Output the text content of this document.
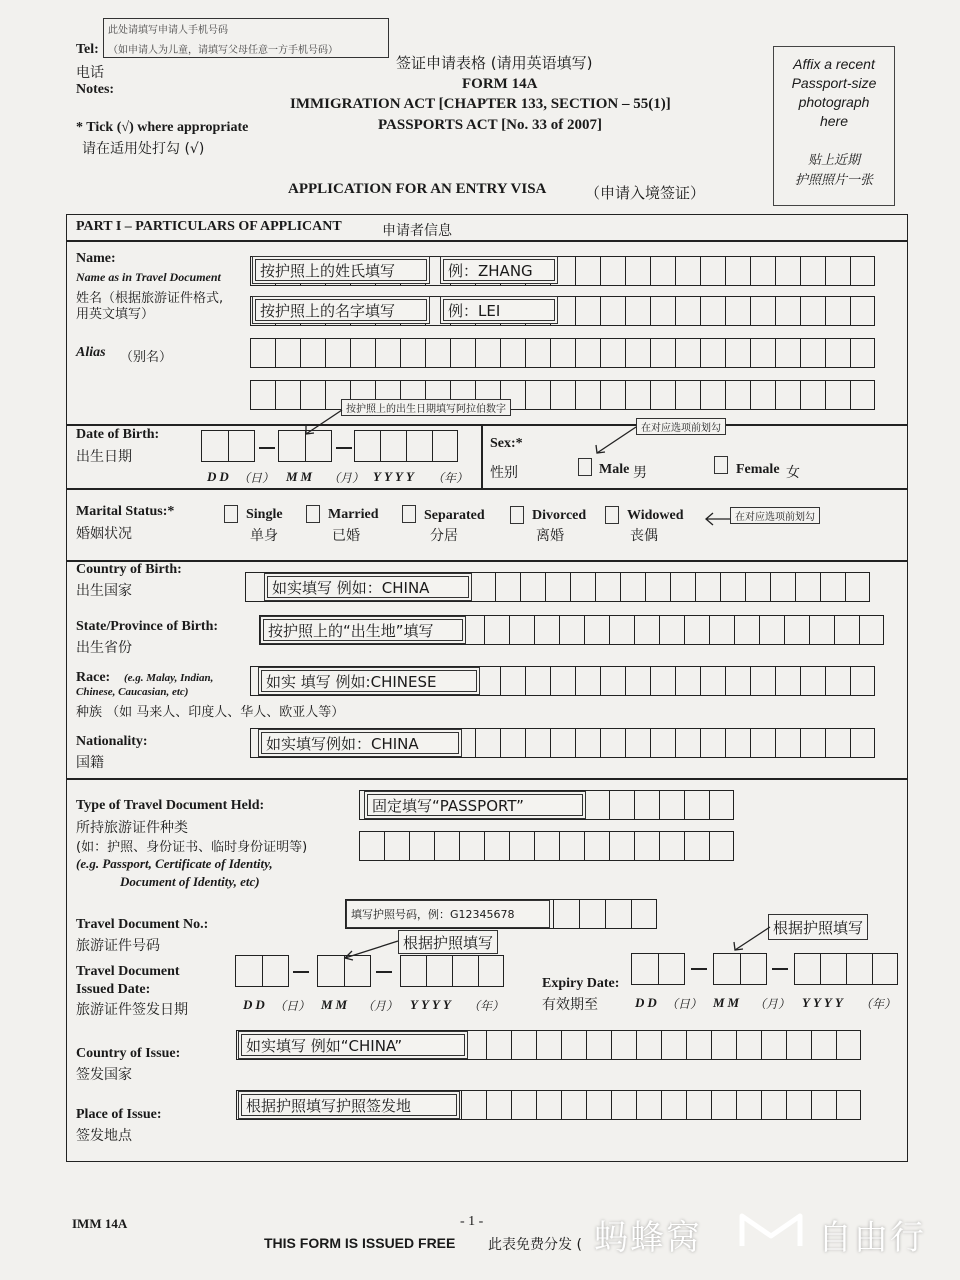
Tel:
电话
Notes:
此处请填写申请人手机号码
（如申请人为儿童，请填写父母任意一方手机号码）
* Tick (√) where appropriate
请在适用处打勾 (√)
签证申请表格 (请用英语填写)
FORM 14A
IMMIGRATION ACT [CHAPTER 133, SECTION – 55(1)]
PASSPORTS ACT [No. 33 of 2007]
Affix a recent
Passport-size
photograph
here
贴上近期
护照照片一张
APPLICATION FOR AN ENTRY VISA	（申请入境签证）
PART I – PARTICULARS OF APPLICANT	申请者信息
Name:
Name as in Travel Document
姓名（根据旅游证件格式,
用英文填写）
按护照上的姓氏填写	例：ZHANG
按护照上的名字填写	例：LEI
Alias （别名）
Date of Birth:
出生日期
按护照上的出生日期填写阿拉伯数字
DD （日） MM （月） YYYY （年）
Sex:*
性别
在对应选项前划勾
Male 男	Female 女
Marital Status:*
婚姻状况
Single
单身
Married
已婚
Separated
分居
Divorced
离婚
Widowed
丧偶
在对应选项前划勾
Country of Birth:
出生国家	如实填写 例如：CHINA
State/Province of Birth:
出生省份
按护照上的“出生地”填写
Race: (e.g. Malay, Indian,
Chinese, Caucasian, etc)
种族 （如 马来人、印度人、华人、欧亚人等）
如实 填写 例如:CHINESE
Nationality:
国籍
如实填写例如：CHINA
Type of Travel Document Held:
所持旅游证件种类
(如：护照、身份证书、临时身份证明等)
(e.g. Passport, Certificate of Identity,
Document of Identity, etc)
固定填写“PASSPORT”
Travel Document No.:
旅游证件号码
填写护照号码，例：G12345678
Travel Document
Issued Date:
旅游证件签发日期
根据护照填写
DD （日） MM （月） YYYY （年）
Expiry Date:
有效期至
根据护照填写
DD （日） MM （月） YYYY （年）
Country of Issue:
签发国家
如实填写 例如“CHINA”
Place of Issue:
签发地点
根据护照填写护照签发地
IMM 14A	- 1 -
THIS FORM IS ISSUED FREE 此表免费分发 ( 蚂蜂窝	自由行
